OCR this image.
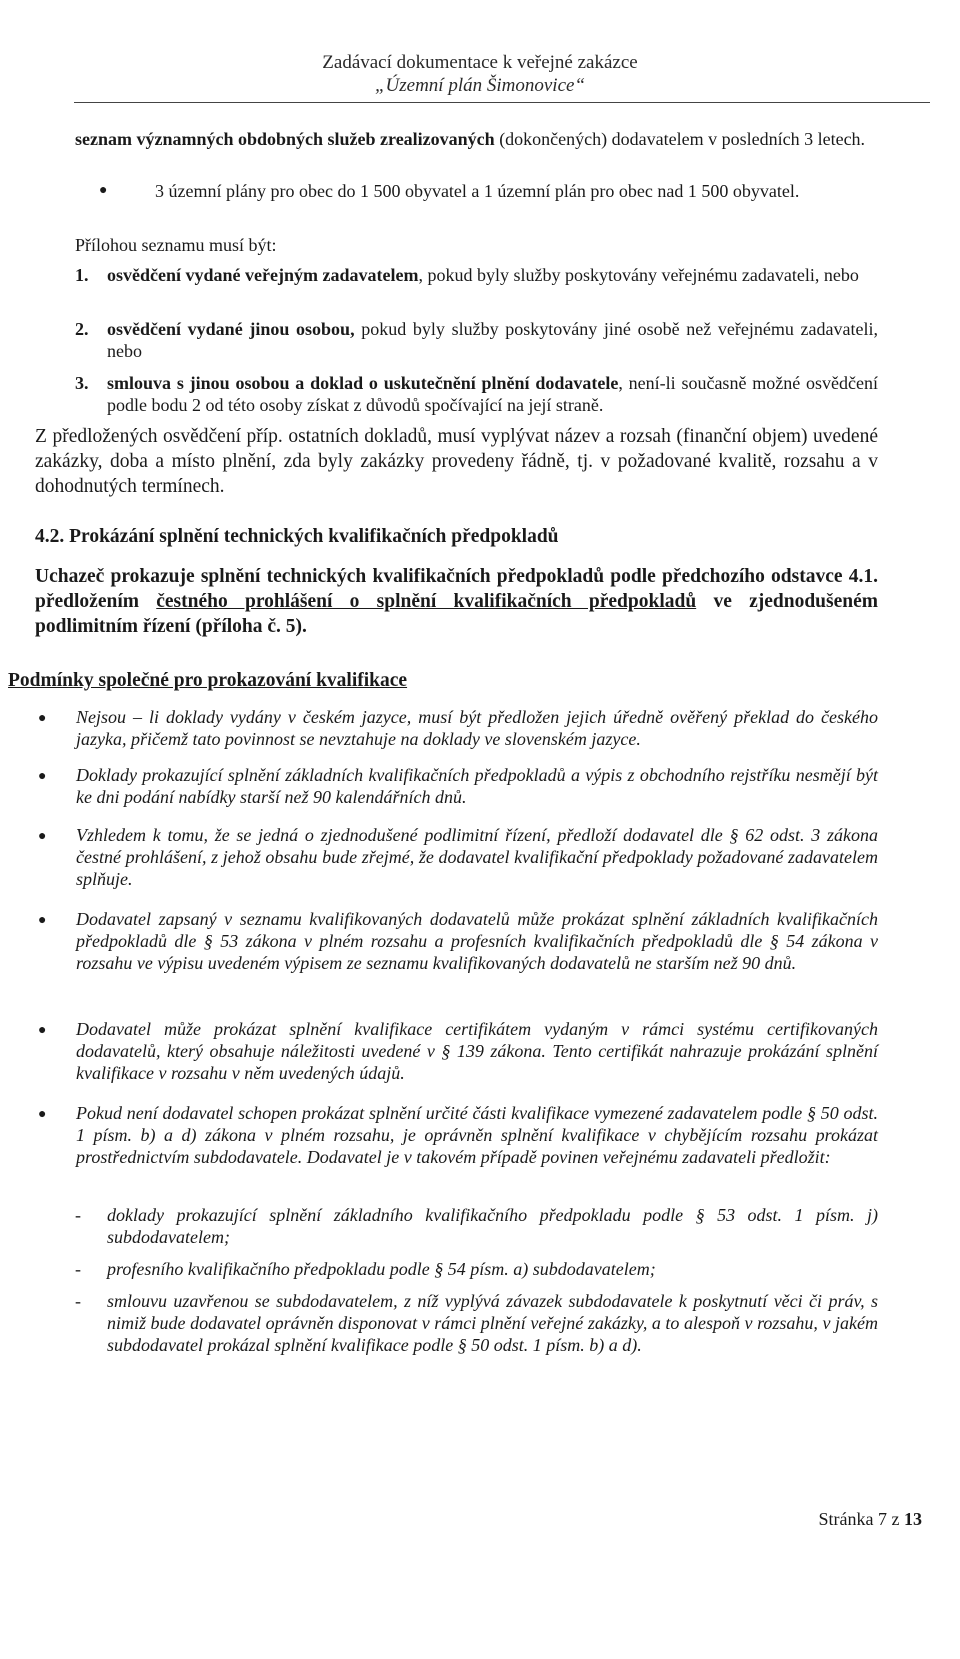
Zadávací dokumentace k veřejné zakázce
„Územní plán Šimonovice“
seznam významných obdobných služeb zrealizovaných (dokončených) dodavatelem v posledních 3 letech.
●	3 územní plány pro obec do 1 500 obyvatel a 1 územní plán pro obec nad 1 500 obyvatel.
Přílohou seznamu musí být:
1. osvědčení vydané veřejným zadavatelem, pokud byly služby poskytovány veřejnému zadavateli, nebo
2. osvědčení vydané jinou osobou, pokud byly služby poskytovány jiné osobě než veřejnému zadavateli, nebo
3. smlouva s jinou osobou a doklad o uskutečnění plnění dodavatele, není-li současně možné osvědčení podle bodu 2 od této osoby získat z důvodů spočívající na její straně.
Z předložených osvědčení příp. ostatních dokladů, musí vyplývat název a rozsah (finanční objem) uvedené zakázky, doba a místo plnění, zda byly zakázky provedeny řádně, tj. v požadované kvalitě, rozsahu a v dohodnutých termínech.
4.2. Prokázání splnění technických kvalifikačních předpokladů
Uchazeč prokazuje splnění technických kvalifikačních předpokladů podle předchozího odstavce 4.1. předložením čestného prohlášení o splnění kvalifikačních předpokladů ve zjednodušeném podlimitním řízení (příloha č. 5).
Podmínky společné pro prokazování kvalifikace
● Nejsou – li doklady vydány v českém jazyce, musí být předložen jejich úředně ověřený překlad do českého jazyka, přičemž tato povinnost se nevztahuje na doklady ve slovenském jazyce.
● Doklady prokazující splnění základních kvalifikačních předpokladů a výpis z obchodního rejstříku nesmějí být ke dni podání nabídky starší než 90 kalendářních dnů.
● Vzhledem k tomu, že se jedná o zjednodušené podlimitní řízení, předloží dodavatel dle § 62 odst. 3 zákona čestné prohlášení, z jehož obsahu bude zřejmé, že dodavatel kvalifikační předpoklady požadované zadavatelem splňuje.
● Dodavatel zapsaný v seznamu kvalifikovaných dodavatelů může prokázat splnění základních kvalifikačních předpokladů dle § 53 zákona v plném rozsahu a profesních kvalifikačních předpokladů dle § 54 zákona v rozsahu ve výpisu uvedeném výpisem ze seznamu kvalifikovaných dodavatelů ne starším než 90 dnů.
● Dodavatel může prokázat splnění kvalifikace certifikátem vydaným v rámci systému certifikovaných dodavatelů, který obsahuje náležitosti uvedené v § 139 zákona. Tento certifikát nahrazuje prokázání splnění kvalifikace v rozsahu v něm uvedených údajů.
● Pokud není dodavatel schopen prokázat splnění určité části kvalifikace vymezené zadavatelem podle § 50 odst. 1 písm. b) a d) zákona v plném rozsahu, je oprávněn splnění kvalifikace v chybějícím rozsahu prokázat prostřednictvím subdodavatele. Dodavatel je v takovém případě povinen veřejnému zadavateli předložit:
- doklady prokazující splnění základního kvalifikačního předpokladu podle § 53 odst. 1 písm. j) subdodavatelem;
- profesního kvalifikačního předpokladu podle § 54 písm. a) subdodavatelem;
- smlouvu uzavřenou se subdodavatelem, z níž vyplývá závazek subdodavatele k poskytnutí věci či práv, s nimiž bude dodavatel oprávněn disponovat v rámci plnění veřejné zakázky, a to alespoň v rozsahu, v jakém subdodavatel prokázal splnění kvalifikace podle § 50 odst. 1 písm. b) a d).
Stránka 7 z 13
